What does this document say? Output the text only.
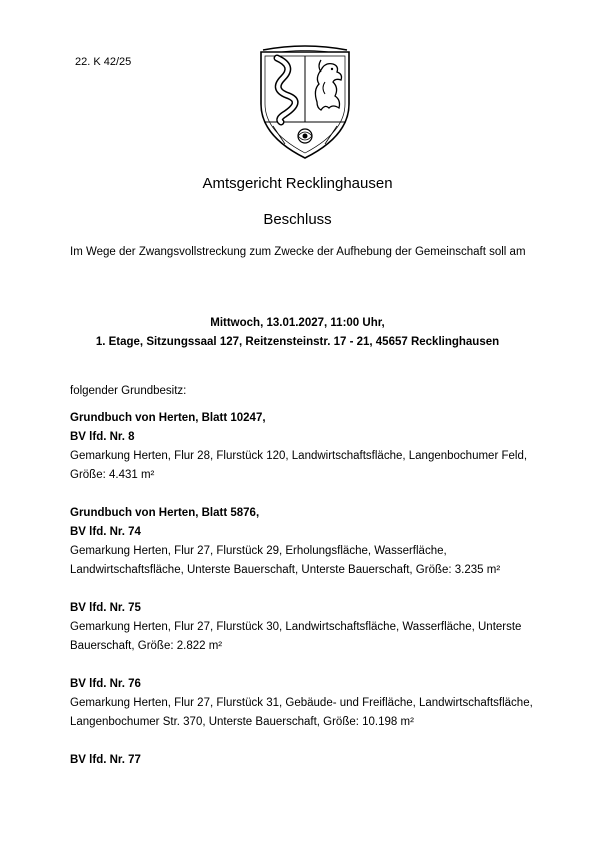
22. K 42/25
Amtsgericht Recklinghausen
Beschluss
Im Wege der Zwangsvollstreckung zum Zwecke der Aufhebung der Gemeinschaft soll am
Mittwoch, 13.01.2027, 11:00 Uhr,
1. Etage, Sitzungssaal 127, Reitzensteinstr. 17 - 21, 45657 Recklinghausen
folgender Grundbesitz:
Grundbuch von Herten, Blatt 10247,
BV lfd. Nr. 8
Gemarkung Herten, Flur 28, Flurstück 120, Landwirtschaftsfläche, Langenbochumer Feld, Größe: 4.431 m²
Grundbuch von Herten, Blatt 5876,
BV lfd. Nr. 74
Gemarkung Herten, Flur 27, Flurstück 29, Erholungsfläche, Wasserfläche, Landwirtschaftsfläche, Unterste Bauerschaft, Unterste Bauerschaft, Größe: 3.235 m²
BV lfd. Nr. 75
Gemarkung Herten, Flur 27, Flurstück 30, Landwirtschaftsfläche, Wasserfläche, Unterste Bauerschaft, Größe: 2.822 m²
BV lfd. Nr. 76
Gemarkung Herten, Flur 27, Flurstück 31, Gebäude- und Freifläche, Landwirtschaftsfläche, Langenbochumer Str. 370, Unterste Bauerschaft, Größe: 10.198 m²
BV lfd. Nr. 77
